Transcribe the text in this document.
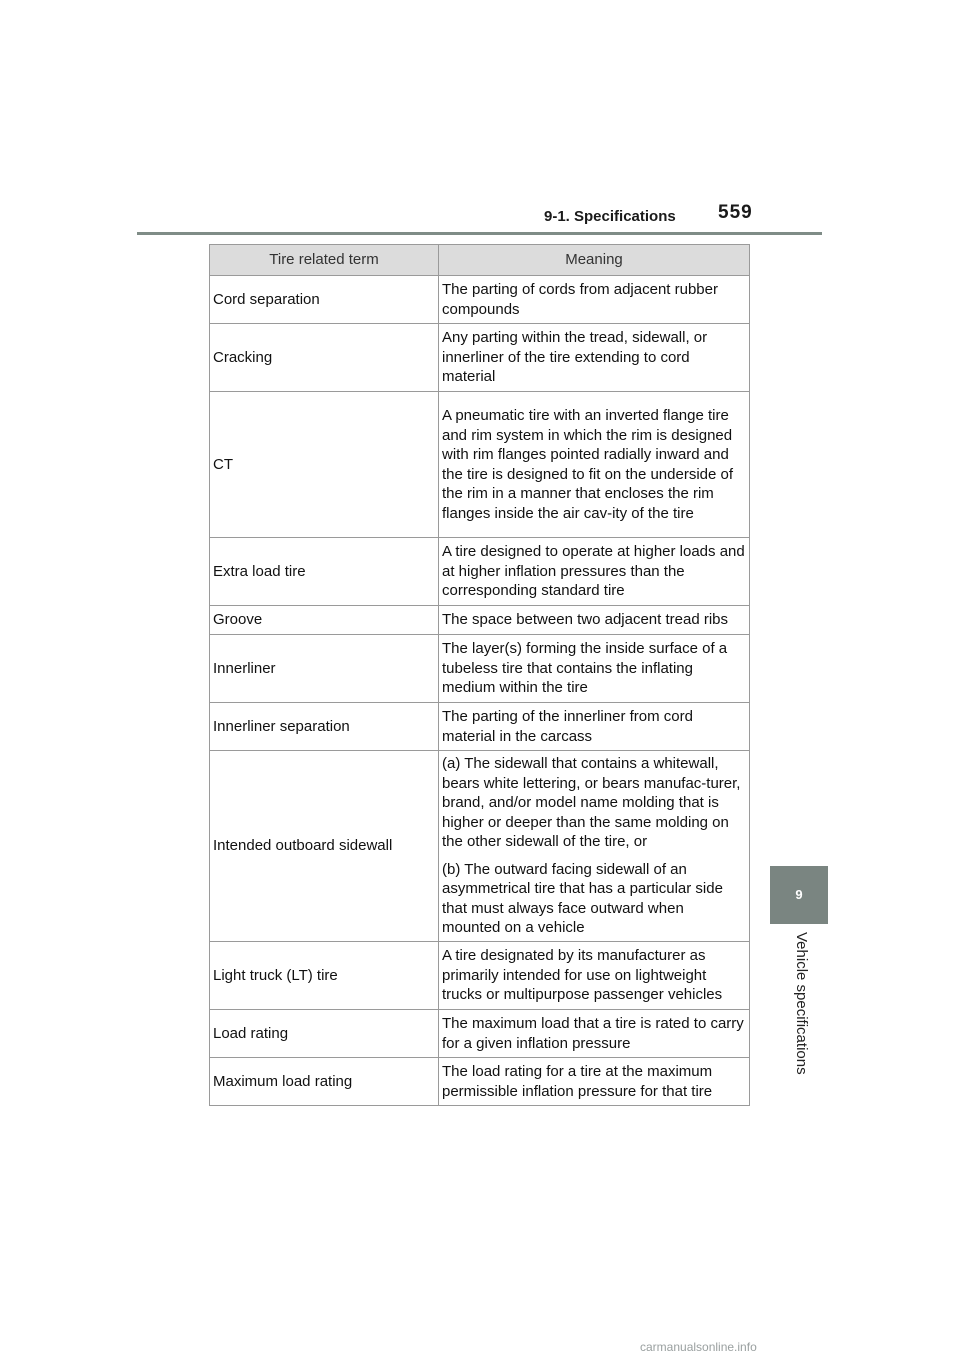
9-1. Specifications 559
9
Vehicle specifications
Tire related term	Meaning
Cord separation	The parting of cords from adjacent rubber compounds

Cracking	Any parting within the tread, sidewall, or innerliner of the tire extending to cord material

CT	A pneumatic tire with an inverted flange tire and rim system in which the rim is designed with rim flanges pointed radially inward and the tire is designed to fit on the underside of the rim in a manner that encloses the rim flanges inside the air cav-ity of the tire

Extra load tire	A tire designed to operate at higher loads and at higher inflation pressures than the corresponding standard tire

Groove	The space between two adjacent tread ribs

Innerliner	The layer(s) forming the inside surface of a tubeless tire that contains the inflating medium within the tire

Innerliner separation	The parting of the innerliner from cord material in the carcass

Intended outboard sidewall	(a) The sidewall that contains a whitewall, bears white lettering, or bears manufac-turer, brand, and/or model name molding that is higher or deeper than the same molding on the other sidewall of the tire, or

(b) The outward facing sidewall of an asymmetrical tire that has a particular side that must always face outward when mounted on a vehicle

Light truck (LT) tire	A tire designated by its manufacturer as primarily intended for use on lightweight trucks or multipurpose passenger vehicles

Load rating	The maximum load that a tire is rated to carry for a given inflation pressure

Maximum load rating	The load rating for a tire at the maximum permissible inflation pressure for that tire

carmanualsonline.info
